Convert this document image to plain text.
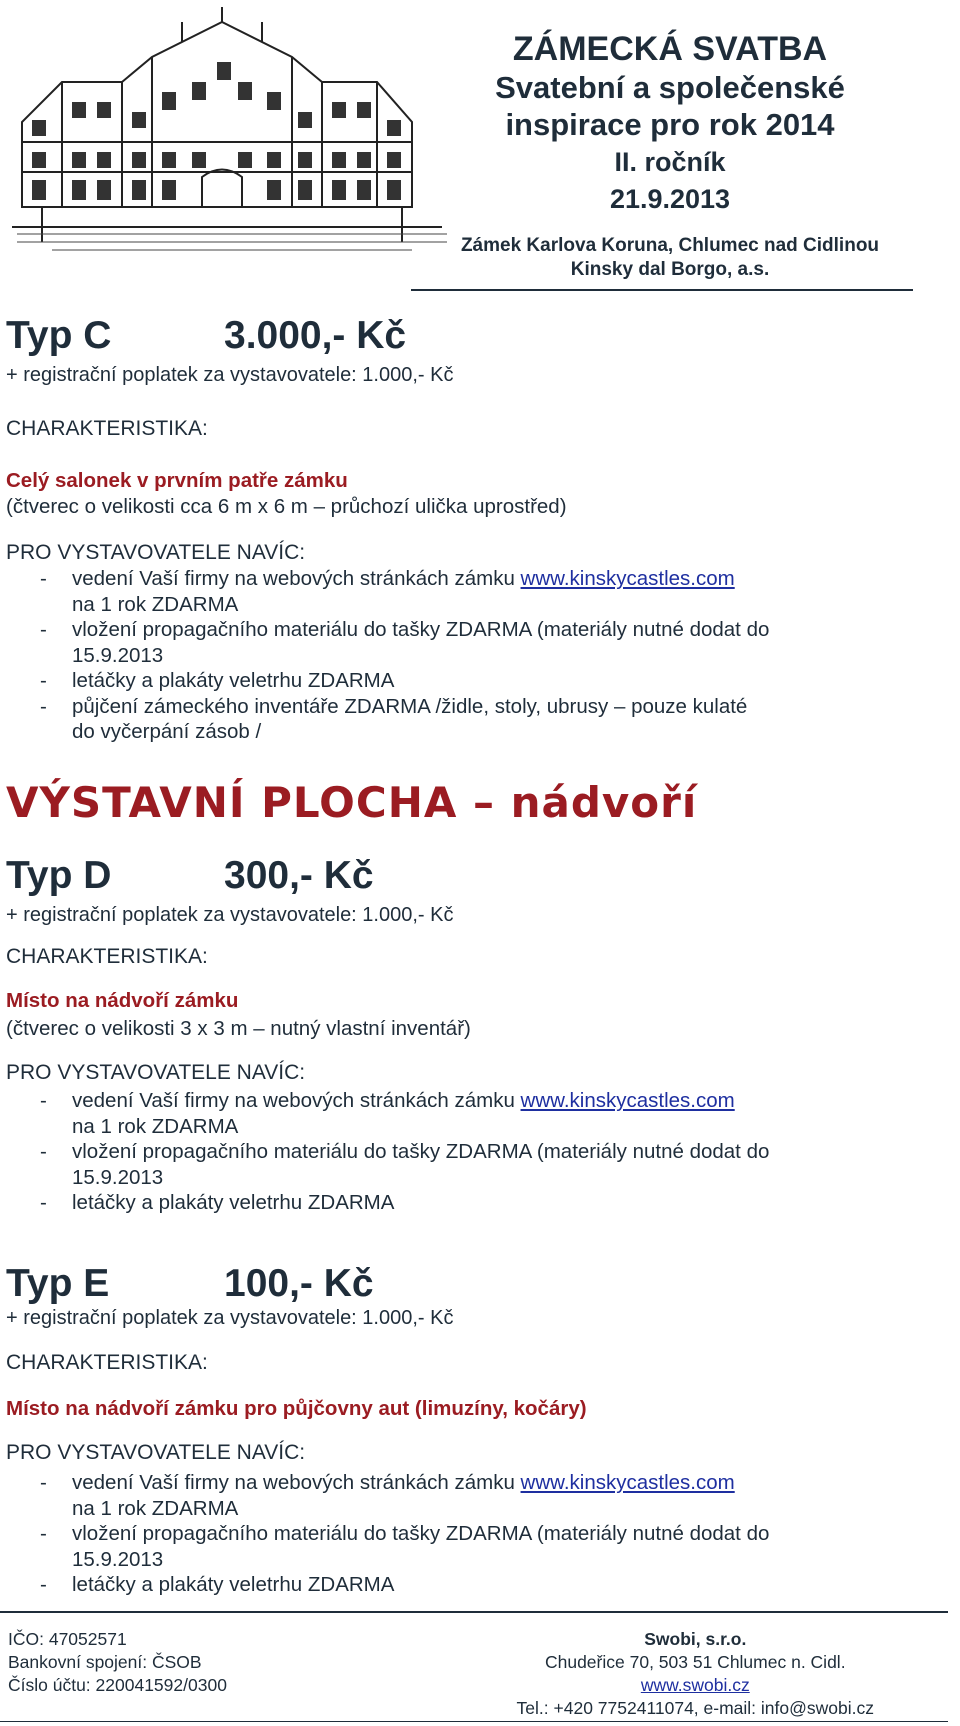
ZÁMECKÁ SVATBA
Svatební a společenské
inspirace pro rok 2014
II. ročník
21.9.2013
Zámek Karlova Koruna, Chlumec nad Cidlinou
Kinsky dal Borgo, a.s.
Typ C	3.000,- Kč
+ registrační poplatek za vystavovatele: 1.000,- Kč
CHARAKTERISTIKA:
Celý salonek v prvním patře zámku
(čtverec o velikosti cca 6 m x 6 m – průchozí ulička uprostřed)
PRO VYSTAVOVATELE NAVÍC:
- vedení Vaší firmy na webových stránkách zámku www.kinskycastles.com
na 1 rok ZDARMA
- vložení propagačního materiálu do tašky ZDARMA (materiály nutné dodat do
15.9.2013
- letáčky a plakáty veletrhu ZDARMA
- půjčení zámeckého inventáře ZDARMA /židle, stoly, ubrusy – pouze kulaté
do vyčerpání zásob /
VÝSTAVNÍ PLOCHA – nádvoří
Typ D	300,- Kč
+ registrační poplatek za vystavovatele: 1.000,- Kč
CHARAKTERISTIKA:
Místo na nádvoří zámku
(čtverec o velikosti 3 x 3 m – nutný vlastní inventář)
PRO VYSTAVOVATELE NAVÍC:
- vedení Vaší firmy na webových stránkách zámku www.kinskycastles.com
na 1 rok ZDARMA
- vložení propagačního materiálu do tašky ZDARMA (materiály nutné dodat do
15.9.2013
- letáčky a plakáty veletrhu ZDARMA
Typ E	100,- Kč
+ registrační poplatek za vystavovatele: 1.000,- Kč
CHARAKTERISTIKA:
Místo na nádvoří zámku pro půjčovny aut (limuzíny, kočáry)
PRO VYSTAVOVATELE NAVÍC:
- vedení Vaší firmy na webových stránkách zámku www.kinskycastles.com
na 1 rok ZDARMA
- vložení propagačního materiálu do tašky ZDARMA (materiály nutné dodat do
15.9.2013
- letáčky a plakáty veletrhu ZDARMA
IČO: 47052571
Bankovní spojení: ČSOB
Číslo účtu: 220041592/0300
Swobi, s.r.o.
Chudeřice 70, 503 51 Chlumec n. Cidl.
www.swobi.cz
Tel.: +420 7752411074, e-mail: info@swobi.cz
